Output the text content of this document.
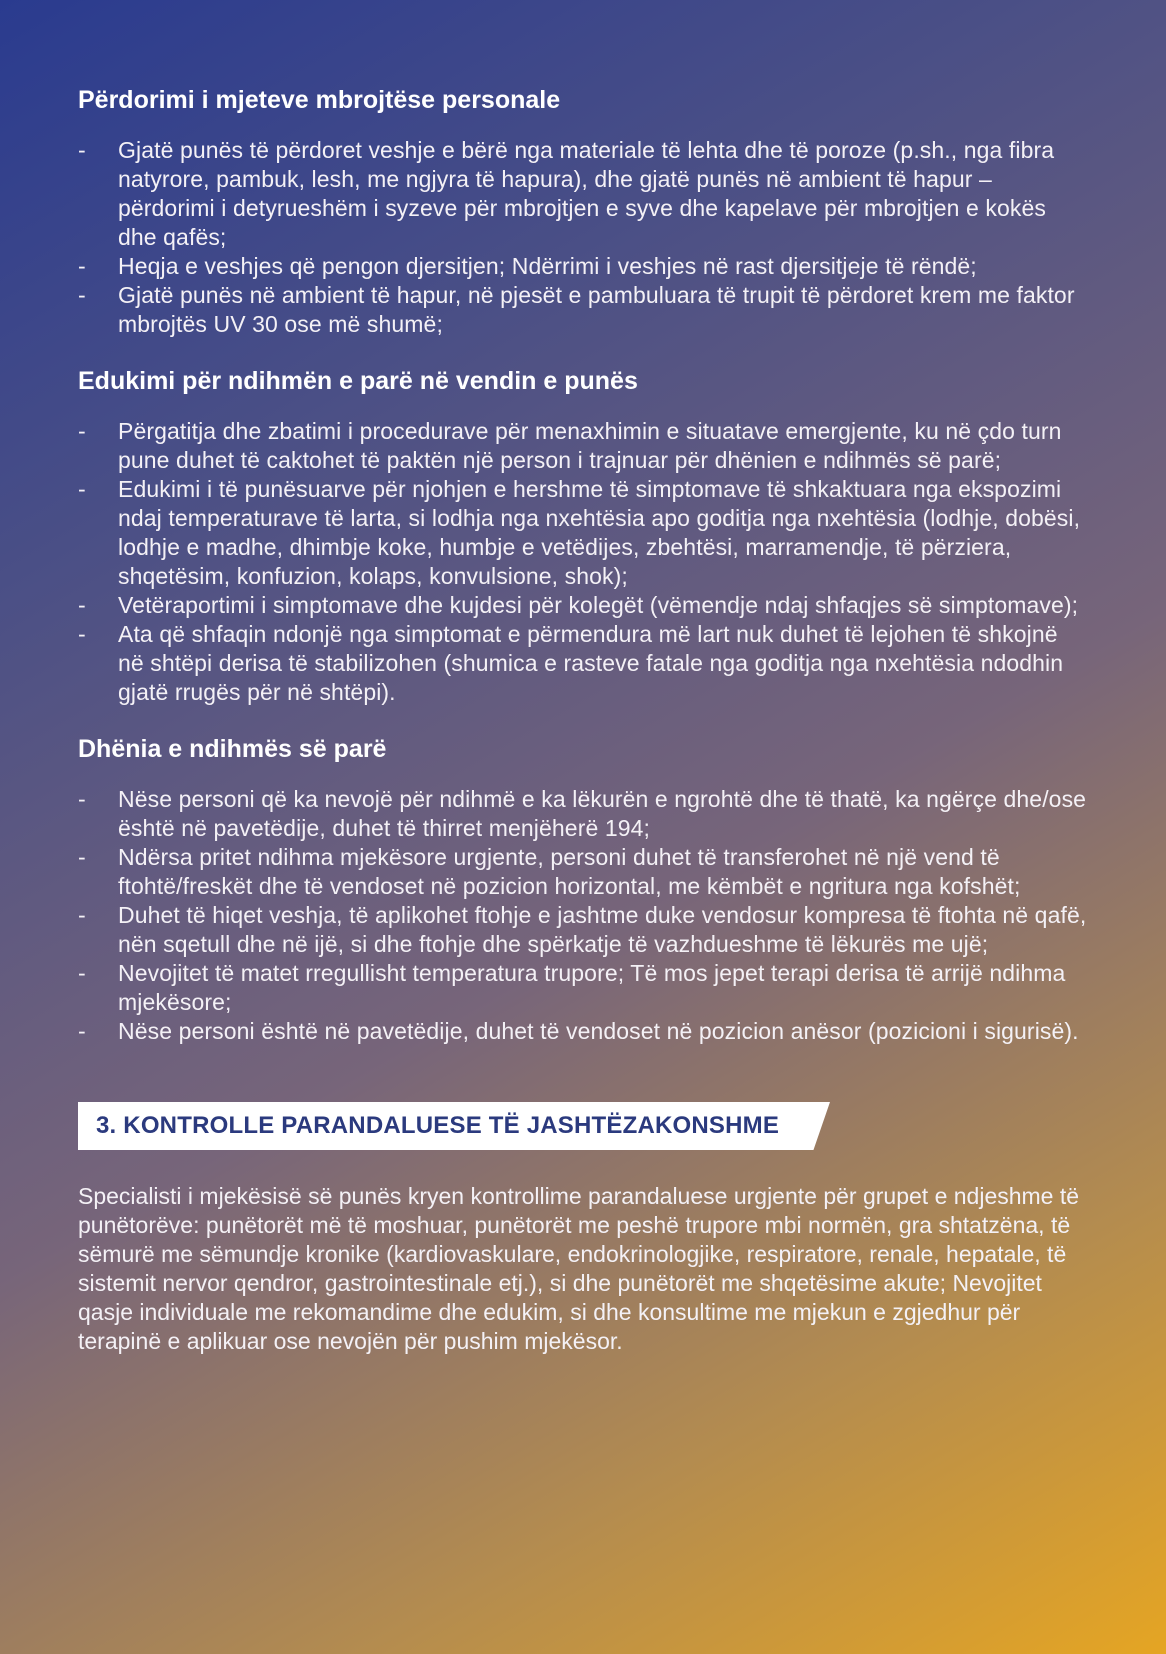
Përdorimi i mjeteve mbrojtëse personale
- Gjatë punës të përdoret veshje e bërë nga materiale të lehta dhe të poroze (p.sh., nga fibra natyrore, pambuk, lesh, me ngjyra të hapura), dhe gjatë punës në ambient të hapur – përdorimi i detyrueshëm i syzeve për mbrojtjen e syve dhe kapelave për mbrojtjen e kokës dhe qafës;
- Heqja e veshjes që pengon djersitjen; Ndërrimi i veshjes në rast djersitjeje të rëndë;
- Gjatë punës në ambient të hapur, në pjesët e pambuluara të trupit të përdoret krem me faktor mbrojtës UV 30 ose më shumë;
Edukimi për ndihmën e parë në vendin e punës
- Përgatitja dhe zbatimi i procedurave për menaxhimin e situatave emergjente, ku në çdo turn pune duhet të caktohet të paktën një person i trajnuar për dhënien e ndihmës së parë;
- Edukimi i të punësuarve për njohjen e hershme të simptomave të shkaktuara nga ekspozimi ndaj temperaturave të larta, si lodhja nga nxehtësia apo goditja nga nxehtësia (lodhje, dobësi, lodhje e madhe, dhimbje koke, humbje e vetëdijes, zbehtësi, marramendje, të përziera, shqetësim, konfuzion, kolaps, konvulsione, shok);
- Vetëraportimi i simptomave dhe kujdesi për kolegët (vëmendje ndaj shfaqjes së simptomave);
- Ata që shfaqin ndonjë nga simptomat e përmendura më lart nuk duhet të lejohen të shkojnë në shtëpi derisa të stabilizohen (shumica e rasteve fatale nga goditja nga nxehtësia ndodhin gjatë rrugës për në shtëpi).
Dhënia e ndihmës së parë
- Nëse personi që ka nevojë për ndihmë e ka lëkurën e ngrohtë dhe të thatë, ka ngërçe dhe/ose është në pavetëdije, duhet të thirret menjëherë 194;
- Ndërsa pritet ndihma mjekësore urgjente, personi duhet të transferohet në një vend të ftohtë/freskët dhe të vendoset në pozicion horizontal, me këmbët e ngritura nga kofshët;
- Duhet të hiqet veshja, të aplikohet ftohje e jashtme duke vendosur kompresa të ftohta në qafë, nën sqetull dhe në ijë, si dhe ftohje dhe spërkatje të vazhdueshme të lëkurës me ujë;
- Nevojitet të matet rregullisht temperatura trupore; Të mos jepet terapi derisa të arrijë ndihma mjekësore;
- Nëse personi është në pavetëdije, duhet të vendoset në pozicion anësor (pozicioni i sigurisë).
3. KONTROLLE PARANDALUESE TË JASHTËZAKONSHME

Specialisti i mjekësisë së punës kryen kontrollime parandaluese urgjente për grupet e ndjeshme të punëtorëve: punëtorët më të moshuar, punëtorët me peshë trupore mbi normën, gra shtatzëna, të sëmurë me sëmundje kronike (kardiovaskulare, endokrinologjike, respiratore, renale, hepatale, të sistemit nervor qendror, gastrointestinale etj.), si dhe punëtorët me shqetësime akute; Nevojitet qasje individuale me rekomandime dhe edukim, si dhe konsultime me mjekun e zgjedhur për terapinë e aplikuar ose nevojën për pushim mjekësor.
